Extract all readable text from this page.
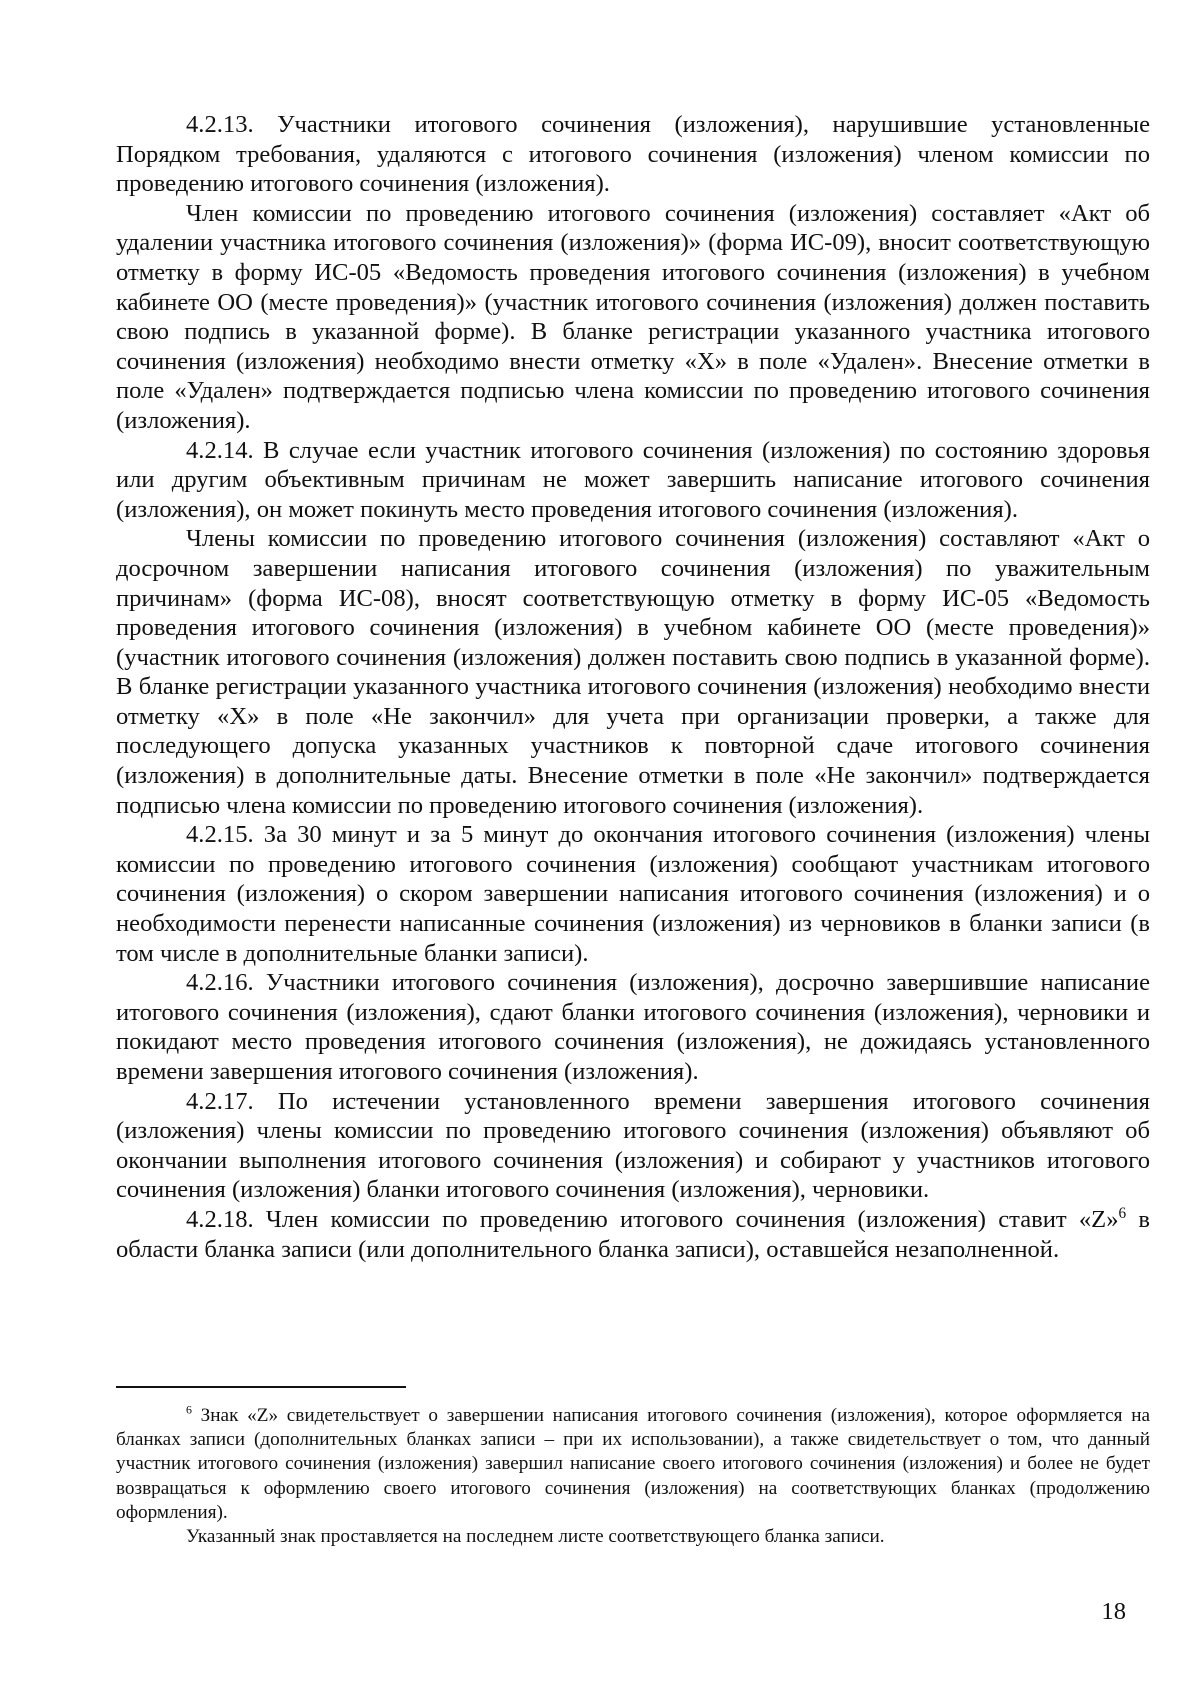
4.2.13. Участники итогового сочинения (изложения), нарушившие установленные Порядком требования, удаляются с итогового сочинения (изложения) членом комиссии по проведению итогового сочинения (изложения).

Член комиссии по проведению итогового сочинения (изложения) составляет «Акт об удалении участника итогового сочинения (изложения)» (форма ИС-09), вносит соответствующую отметку в форму ИС-05 «Ведомость проведения итогового сочинения (изложения) в учебном кабинете ОО (месте проведения)» (участник итогового сочинения (изложения) должен поставить свою подпись в указанной форме). В бланке регистрации указанного участника итогового сочинения (изложения) необходимо внести отметку «Х» в поле «Удален». Внесение отметки в поле «Удален» подтверждается подписью члена комиссии по проведению итогового сочинения (изложения).

4.2.14. В случае если участник итогового сочинения (изложения) по состоянию здоровья или другим объективным причинам не может завершить написание итогового сочинения (изложения), он может покинуть место проведения итогового сочинения (изложения).

Члены комиссии по проведению итогового сочинения (изложения) составляют «Акт о досрочном завершении написания итогового сочинения (изложения) по уважительным причинам» (форма ИС-08), вносят соответствующую отметку в форму ИС-05 «Ведомость проведения итогового сочинения (изложения) в учебном кабинете ОО (месте проведения)» (участник итогового сочинения (изложения) должен поставить свою подпись в указанной форме). В бланке регистрации указанного участника итогового сочинения (изложения) необходимо внести отметку «Х» в поле «Не закончил» для учета при организации проверки, а также для последующего допуска указанных участников к повторной сдаче итогового сочинения (изложения) в дополнительные даты. Внесение отметки в поле «Не закончил» подтверждается подписью члена комиссии по проведению итогового сочинения (изложения).

4.2.15. За 30 минут и за 5 минут до окончания итогового сочинения (изложения) члены комиссии по проведению итогового сочинения (изложения) сообщают участникам итогового сочинения (изложения) о скором завершении написания итогового сочинения (изложения) и о необходимости перенести написанные сочинения (изложения) из черновиков в бланки записи (в том числе в дополнительные бланки записи).

4.2.16. Участники итогового сочинения (изложения), досрочно завершившие написание итогового сочинения (изложения), сдают бланки итогового сочинения (изложения), черновики и покидают место проведения итогового сочинения (изложения), не дожидаясь установленного времени завершения итогового сочинения (изложения).

4.2.17. По истечении установленного времени завершения итогового сочинения (изложения) члены комиссии по проведению итогового сочинения (изложения) объявляют об окончании выполнения итогового сочинения (изложения) и собирают у участников итогового сочинения (изложения) бланки итогового сочинения (изложения), черновики.

4.2.18. Член комиссии по проведению итогового сочинения (изложения) ставит «Z»$^6$ в области бланка записи (или дополнительного бланка записи), оставшейся незаполненной.

$^6$ Знак «Z» свидетельствует о завершении написания итогового сочинения (изложения), которое оформляется на бланках записи (дополнительных бланках записи – при их использовании), а также свидетельствует о том, что данный участник итогового сочинения (изложения) завершил написание своего итогового сочинения (изложения) и более не будет возвращаться к оформлению своего итогового сочинения (изложения) на соответствующих бланках (продолжению оформления).

Указанный знак проставляется на последнем листе соответствующего бланка записи.

18
